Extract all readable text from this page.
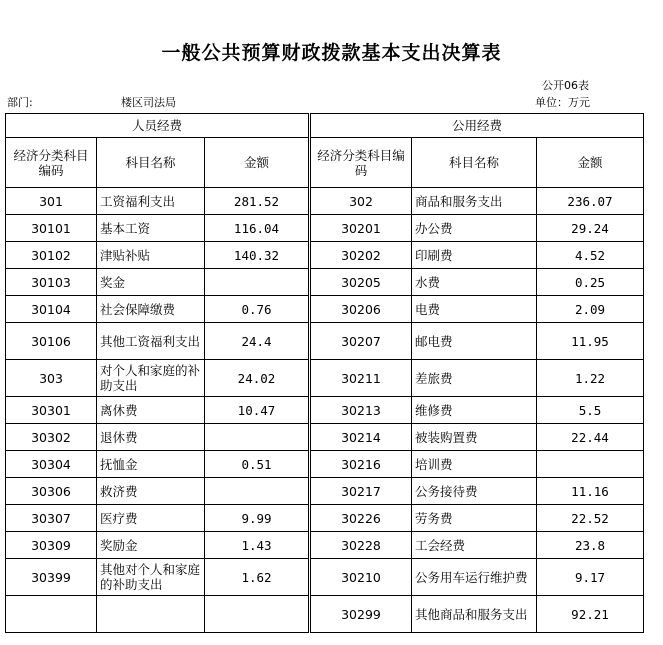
一般公共预算财政拨款基本支出决算表
公开06表
部门:	楼区司法局	单位：万元
人员经费			公用经费		
经济分类科目编码	科目名称	金额	经济分类科目编码	科目名称	金额
301	工资福利支出	281.52	302	商品和服务支出	236.07
30101	基本工资	116.04	30201	办公费	29.24
30102	津贴补贴	140.32	30202	印刷费	4.52
30103	奖金		30205	水费	0.25
30104	社会保障缴费	0.76	30206	电费	2.09
30106	其他工资福利支出	24.4	30207	邮电费	11.95
303	对个人和家庭的补助支出	24.02	30211	差旅费	1.22
30301	离休费	10.47	30213	维修费	5.5
30302	退休费		30214	被装购置费	22.44
30304	抚恤金	0.51	30216	培训费	
30306	救济费		30217	公务接待费	11.16
30307	医疗费	9.99	30226	劳务费	22.52
30309	奖励金	1.43	30228	工会经费	23.8
30399	其他对个人和家庭的补助支出	1.62	30210	公务用车运行维护费	9.17
			30299	其他商品和服务支出	92.21
